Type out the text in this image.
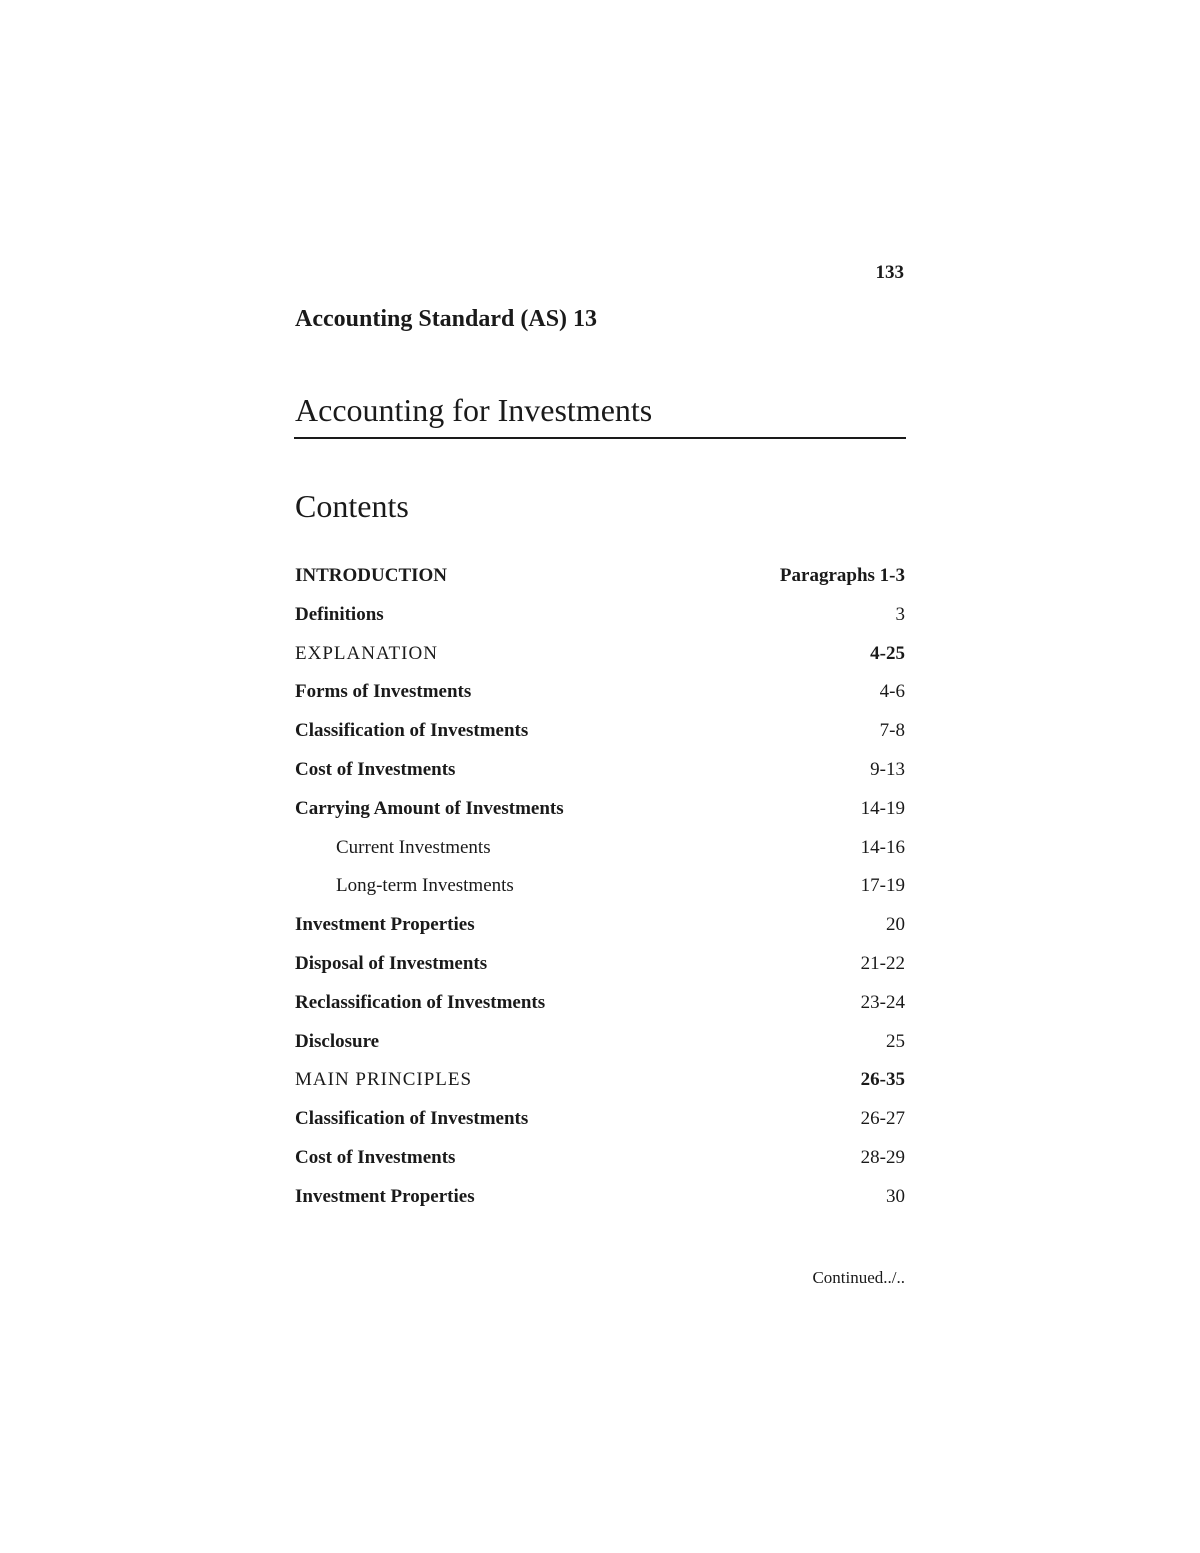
133
Accounting Standard (AS) 13
Accounting for Investments
Contents
INTRODUCTION	Paragraphs 1-3
Definitions	3
EXPLANATION	4-25
Forms of Investments	4-6
Classification of Investments	7-8
Cost of Investments	9-13
Carrying Amount of Investments	14-19
Current Investments	14-16
Long-term Investments	17-19
Investment Properties	20
Disposal of Investments	21-22
Reclassification of Investments	23-24
Disclosure	25
MAIN PRINCIPLES	26-35
Classification of Investments	26-27
Cost of Investments	28-29
Investment Properties	30
Continued../..
